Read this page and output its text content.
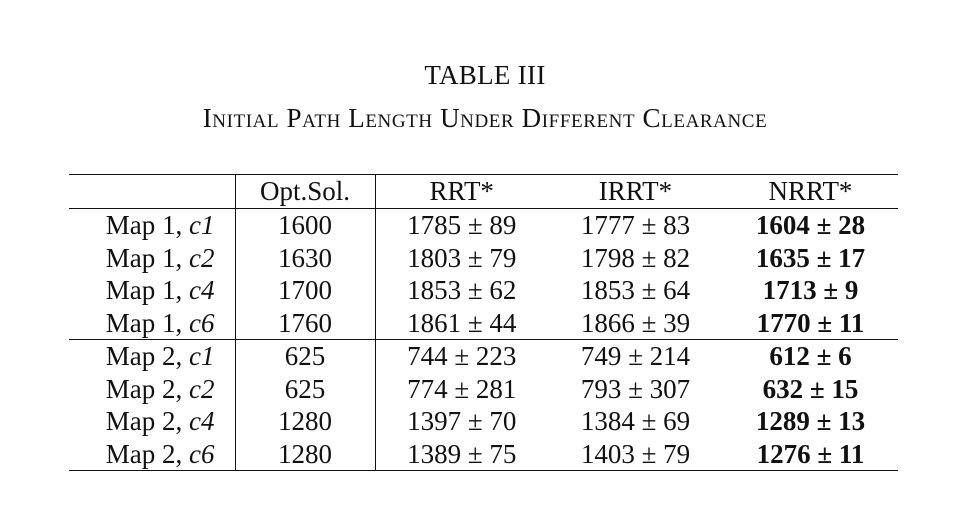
TABLE III
Initial Path Length Under Different Clearance
	Opt.Sol.	RRT*	IRRT*	NRRT*
Map 1, c1	1600	1785 ± 89	1777 ± 83	1604 ± 28
Map 1, c2	1630	1803 ± 79	1798 ± 82	1635 ± 17
Map 1, c4	1700	1853 ± 62	1853 ± 64	1713 ± 9
Map 1, c6	1760	1861 ± 44	1866 ± 39	1770 ± 11
Map 2, c1	625	744 ± 223	749 ± 214	612 ± 6
Map 2, c2	625	774 ± 281	793 ± 307	632 ± 15
Map 2, c4	1280	1397 ± 70	1384 ± 69	1289 ± 13
Map 2, c6	1280	1389 ± 75	1403 ± 79	1276 ± 11
